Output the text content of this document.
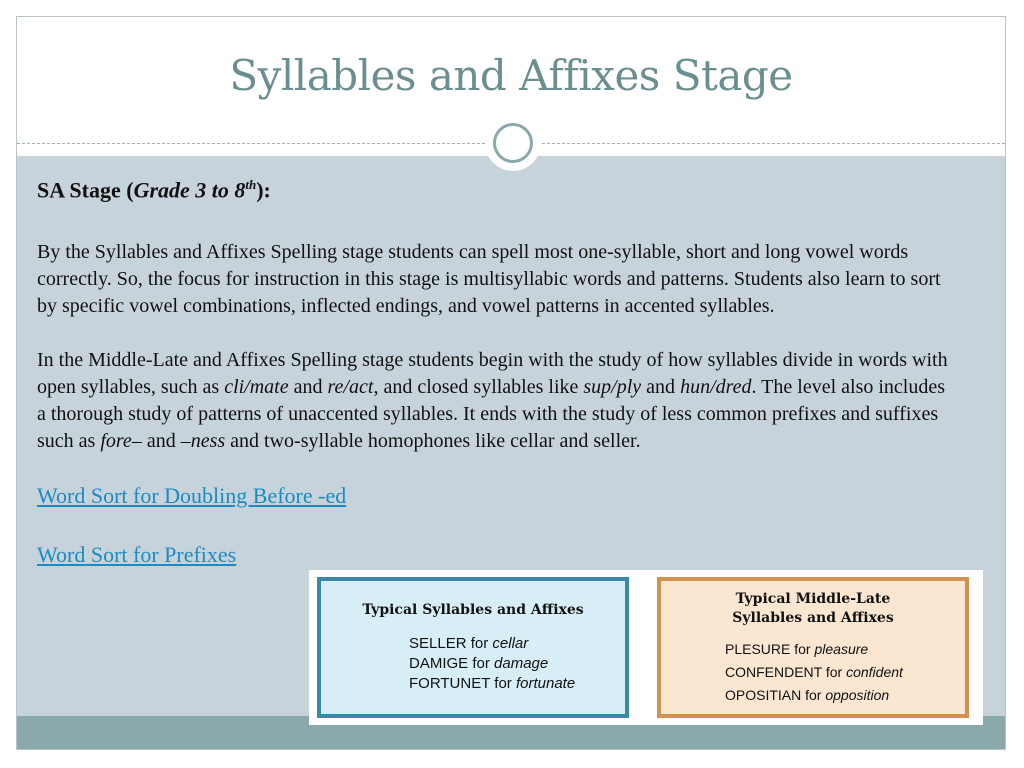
Syllables and Affixes Stage
SA Stage (Grade 3 to 8th):
By the Syllables and Affixes Spelling stage students can spell most one-syllable, short and long vowel words correctly. So, the focus for instruction in this stage is multisyllabic words and patterns. Students also learn to sort by specific vowel combinations, inflected endings, and vowel patterns in accented syllables.
In the Middle-Late and Affixes Spelling stage students begin with the study of how syllables divide in words with open syllables, such as cli/mate and re/act, and closed syllables like sup/ply and hun/dred. The level also includes a thorough study of patterns of unaccented syllables. It ends with the study of less common prefixes and suffixes such as fore– and –ness and two-syllable homophones like cellar and seller.
Word Sort for Doubling Before -ed
Word Sort for Prefixes
Typical Syllables and Affixes
SELLER for cellar
DAMIGE for damage
FORTUNET for fortunate
Typical Middle-Late
Syllables and Affixes
PLESURE for pleasure
CONFENDENT for confident
OPOSITIAN for opposition
